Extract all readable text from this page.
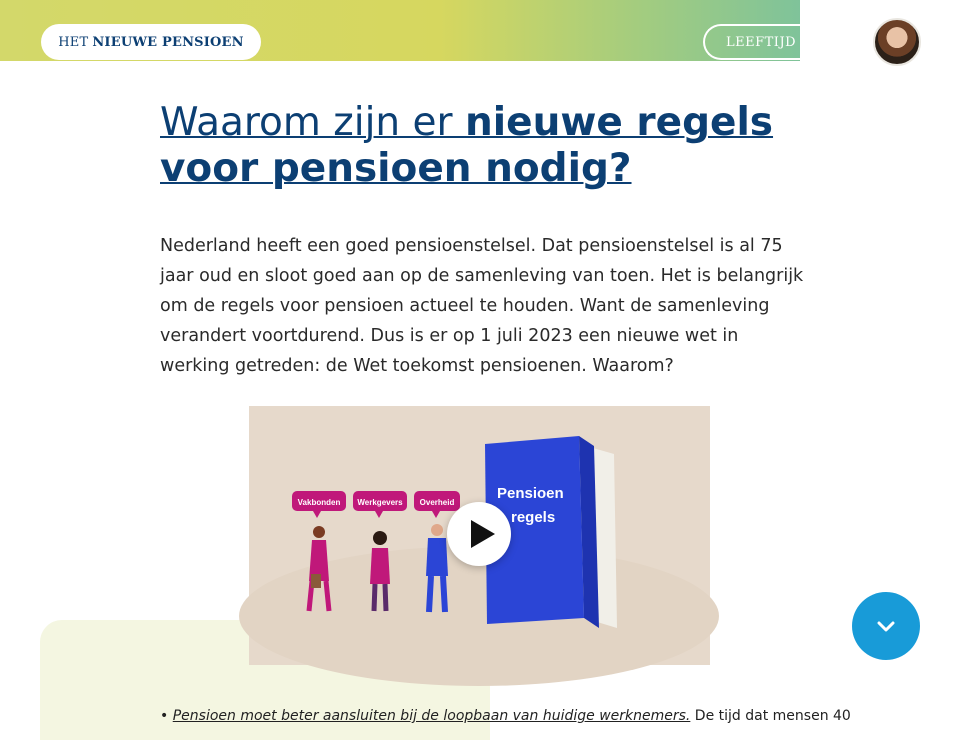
LEEFTIJD 4
HET NIEUWE PENSIOEN
Waarom zijn er nieuwe regels
voor pensioen nodig?

Nederland heeft een goed pensioenstelsel. Dat pensioenstelsel is al 75 jaar oud en sloot goed aan op de samenleving van toen. Het is belangrijk om de regels voor pensioen actueel te houden. Want de samenleving verandert voortdurend. Dus is er op 1 juli 2023 een nieuwe wet in werking getreden: de Wet toekomst pensioenen. Waarom?

Vakbonden Werkgevers Overheid
Pensioen
regels
• Pensioen moet beter aansluiten bij de loopbaan van huidige werknemers. De tijd dat mensen 40
